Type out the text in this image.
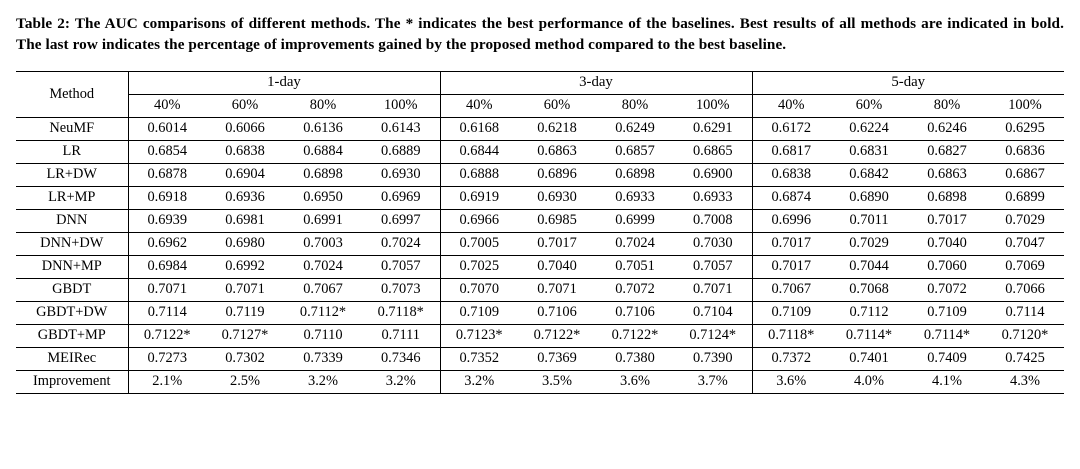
Table 2: The AUC comparisons of different methods. The * indicates the best performance of the baselines. Best results of all methods are indicated in bold. The last row indicates the percentage of improvements gained by the proposed method compared to the best baseline.

Method	1-day				3-day				5-day			
	40%	60%	80%	100%	40%	60%	80%	100%	40%	60%	80%	100%
NeuMF	0.6014	0.6066	0.6136	0.6143	0.6168	0.6218	0.6249	0.6291	0.6172	0.6224	0.6246	0.6295
LR	0.6854	0.6838	0.6884	0.6889	0.6844	0.6863	0.6857	0.6865	0.6817	0.6831	0.6827	0.6836
LR+DW	0.6878	0.6904	0.6898	0.6930	0.6888	0.6896	0.6898	0.6900	0.6838	0.6842	0.6863	0.6867
LR+MP	0.6918	0.6936	0.6950	0.6969	0.6919	0.6930	0.6933	0.6933	0.6874	0.6890	0.6898	0.6899
DNN	0.6939	0.6981	0.6991	0.6997	0.6966	0.6985	0.6999	0.7008	0.6996	0.7011	0.7017	0.7029
DNN+DW	0.6962	0.6980	0.7003	0.7024	0.7005	0.7017	0.7024	0.7030	0.7017	0.7029	0.7040	0.7047
DNN+MP	0.6984	0.6992	0.7024	0.7057	0.7025	0.7040	0.7051	0.7057	0.7017	0.7044	0.7060	0.7069
GBDT	0.7071	0.7071	0.7067	0.7073	0.7070	0.7071	0.7072	0.7071	0.7067	0.7068	0.7072	0.7066
GBDT+DW	0.7114	0.7119	0.7112*	0.7118*	0.7109	0.7106	0.7106	0.7104	0.7109	0.7112	0.7109	0.7114
GBDT+MP	0.7122*	0.7127*	0.7110	0.7111	0.7123*	0.7122*	0.7122*	0.7124*	0.7118*	0.7114*	0.7114*	0.7120*
MEIRec	0.7273	0.7302	0.7339	0.7346	0.7352	0.7369	0.7380	0.7390	0.7372	0.7401	0.7409	0.7425
Improvement	2.1%	2.5%	3.2%	3.2%	3.2%	3.5%	3.6%	3.7%	3.6%	4.0%	4.1%	4.3%
